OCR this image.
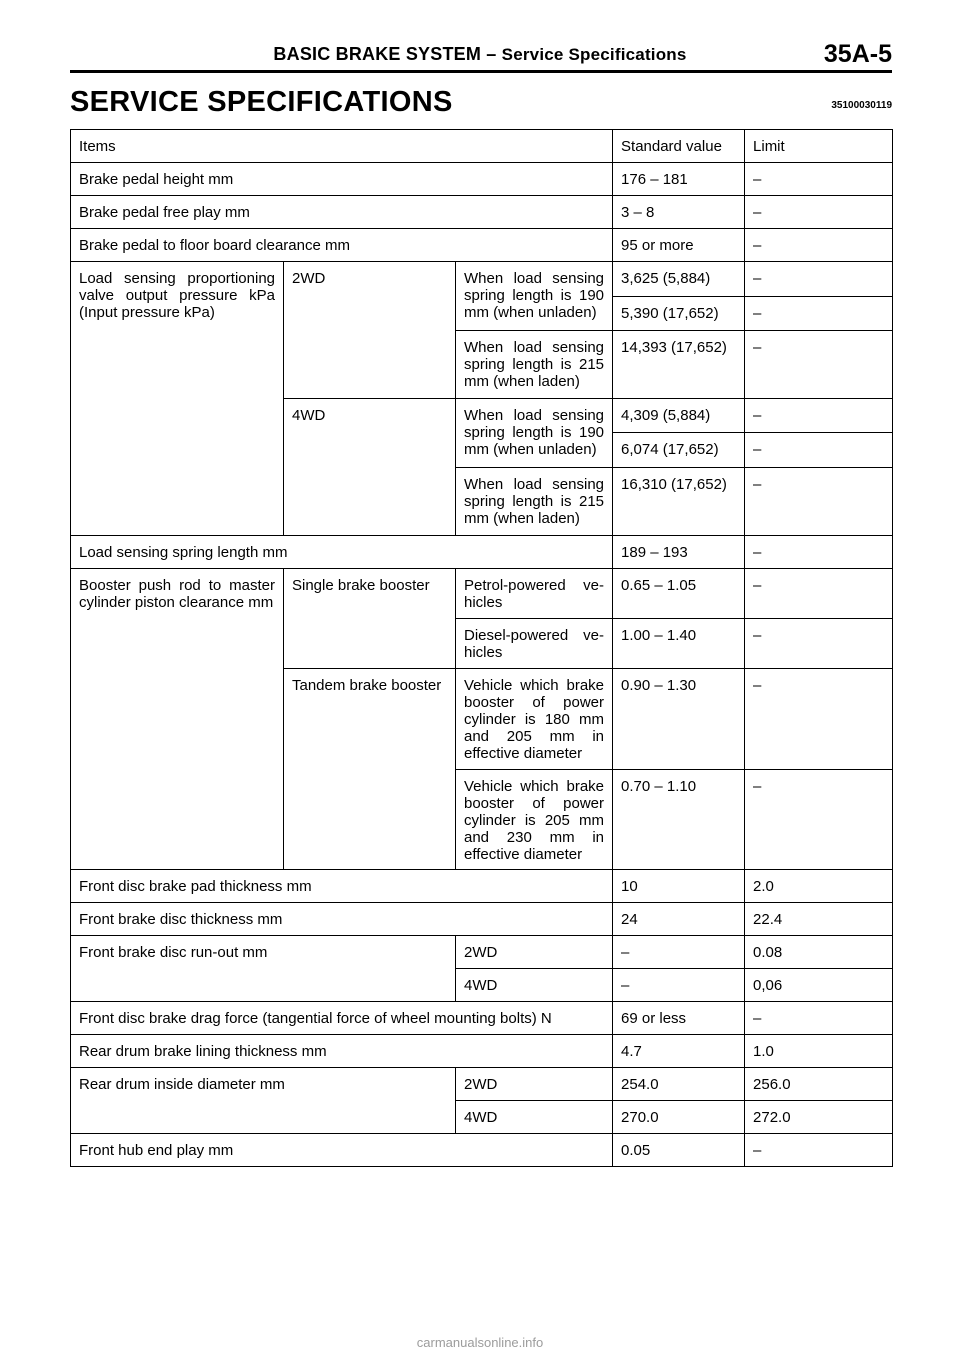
BASIC BRAKE SYSTEM – Service Specifications	35A-5
SERVICE SPECIFICATIONS	35100030119
Items			Standard value	Limit
Brake pedal height mm			176 – 181	–
Brake pedal free play mm			3 – 8	–
Brake pedal to floor board clearance mm			95 or more	–

Load sensing proportioning valve output pressure kPa (Input pressure kPa)	2WD	When load sensing spring length is 190 mm (when unladen)	3,625 (5,884)	–
			5,390 (17,652)	–

		When load sensing spring length is 215 mm (when laden)	14,393 (17,652)	–
	4WD	When load sensing spring length is 190 mm (when unladen)	4,309 (5,884)	–
			6,074 (17,652)	–

		When load sensing spring length is 215 mm (when laden)	16,310 (17,652)	–
Load sensing spring length mm			189 – 193	–

Booster push rod to master cylinder piston clearance mm	Single brake booster	Petrol-powered ve-hicles	0.65 – 1.05	–

		Diesel-powered ve-hicles	1.00 – 1.40	–
	Tandem brake booster	Vehicle which brake booster of power cylinder is 180 mm and 205 mm in effective diameter	0.90 – 1.30	–

		Vehicle which brake booster of power cylinder is 205 mm and 230 mm in effective diameter	0.70 – 1.10	–
Front disc brake pad thickness mm			10	2.0
Front brake disc thickness mm			24	22.4
Front brake disc run-out mm		2WD	–	0.08
		4WD	–	0,06
Front disc brake drag force (tangential force of wheel mounting bolts) N			69 or less	–
Rear drum brake lining thickness mm			4.7	1.0
Rear drum inside diameter mm		2WD	254.0	256.0
		4WD	270.0	272.0
Front hub end play mm			0.05	–
carmanualsonline.info
